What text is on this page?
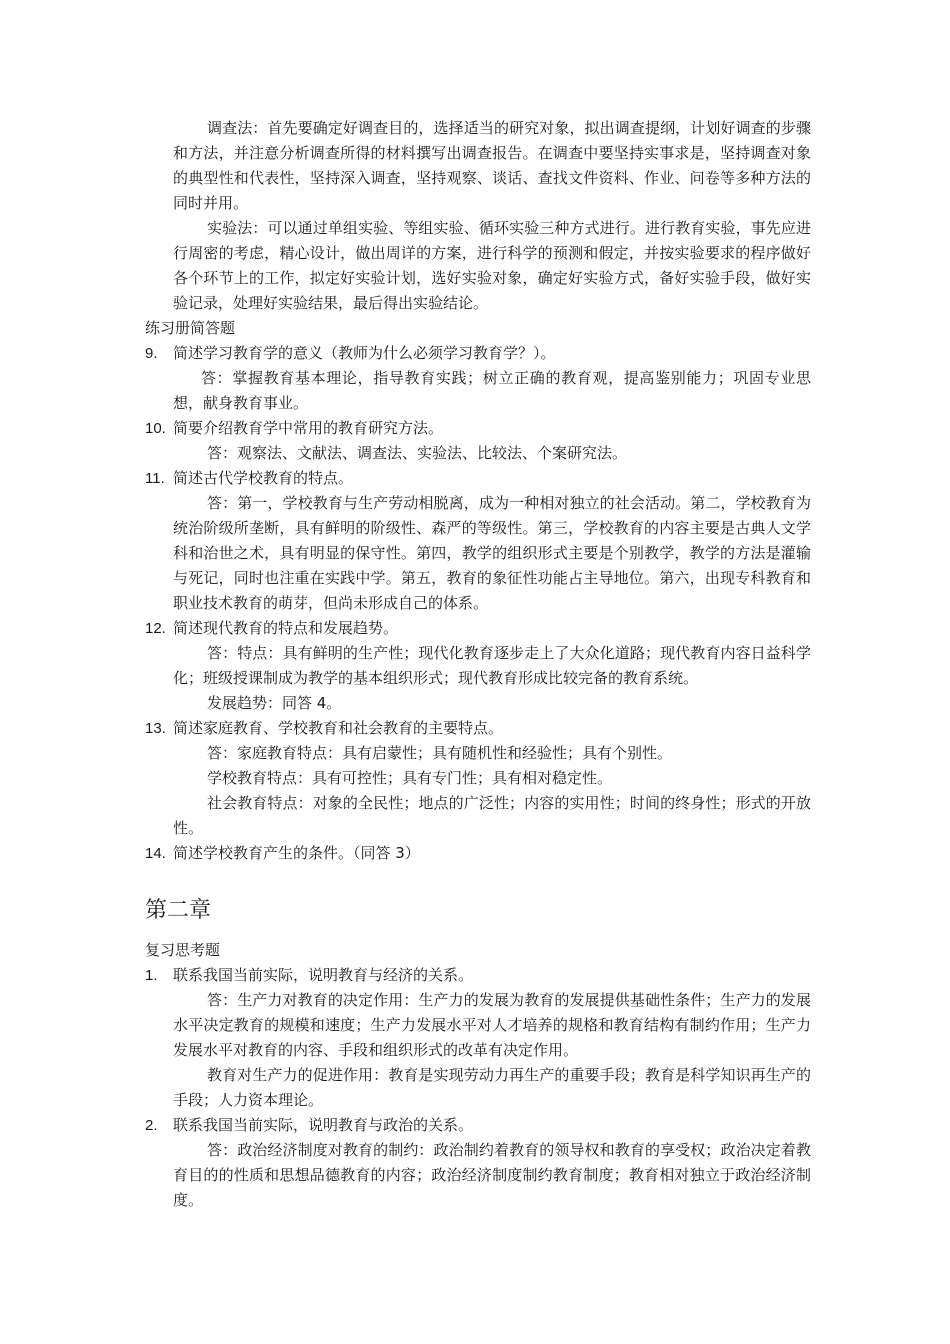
调查法：首先要确定好调查目的，选择适当的研究对象，拟出调查提纲，计划好调查的步骤和方法，并注意分析调查所得的材料撰写出调查报告。在调查中要坚持实事求是，坚持调查对象的典型性和代表性，坚持深入调查，坚持观察、谈话、查找文件资料、作业、问卷等多种方法的同时并用。

实验法：可以通过单组实验、等组实验、循环实验三种方式进行。进行教育实验，事先应进行周密的考虑，精心设计，做出周详的方案，进行科学的预测和假定，并按实验要求的程序做好各个环节上的工作，拟定好实验计划，选好实验对象，确定好实验方式，备好实验手段，做好实验记录，处理好实验结果，最后得出实验结论。

练习册简答题

9.	简述学习教育学的意义（教师为什么必须学习教育学？）。

答：掌握教育基本理论，指导教育实践；树立正确的教育观，提高鉴别能力；巩固专业思想，献身教育事业。

10. 简要介绍教育学中常用的教育研究方法。

答：观察法、文献法、调查法、实验法、比较法、个案研究法。

11. 简述古代学校教育的特点。

答：第一，学校教育与生产劳动相脱离，成为一种相对独立的社会活动。第二，学校教育为统治阶级所垄断，具有鲜明的阶级性、森严的等级性。第三，学校教育的内容主要是古典人文学科和治世之术，具有明显的保守性。第四，教学的组织形式主要是个别教学，教学的方法是灌输与死记，同时也注重在实践中学。第五，教育的象征性功能占主导地位。第六，出现专科教育和职业技术教育的萌芽，但尚未形成自己的体系。

12. 简述现代教育的特点和发展趋势。

答：特点：具有鲜明的生产性；现代化教育逐步走上了大众化道路；现代教育内容日益科学化；班级授课制成为教学的基本组织形式；现代教育形成比较完备的教育系统。

发展趋势：同答 4。

13. 简述家庭教育、学校教育和社会教育的主要特点。

答：家庭教育特点：具有启蒙性；具有随机性和经验性；具有个别性。

学校教育特点：具有可控性；具有专门性；具有相对稳定性。

社会教育特点：对象的全民性；地点的广泛性；内容的实用性；时间的终身性；形式的开放性。

14. 简述学校教育产生的条件。（同答 3）

第二章

复习思考题

1.	联系我国当前实际，说明教育与经济的关系。

答：生产力对教育的决定作用：生产力的发展为教育的发展提供基础性条件；生产力的发展水平决定教育的规模和速度；生产力发展水平对人才培养的规格和教育结构有制约作用；生产力发展水平对教育的内容、手段和组织形式的改革有决定作用。

教育对生产力的促进作用：教育是实现劳动力再生产的重要手段；教育是科学知识再生产的手段；人力资本理论。

2.	联系我国当前实际，说明教育与政治的关系。

答：政治经济制度对教育的制约：政治制约着教育的领导权和教育的享受权；政治决定着教育目的的性质和思想品德教育的内容；政治经济制度制约教育制度；教育相对独立于政治经济制度。
